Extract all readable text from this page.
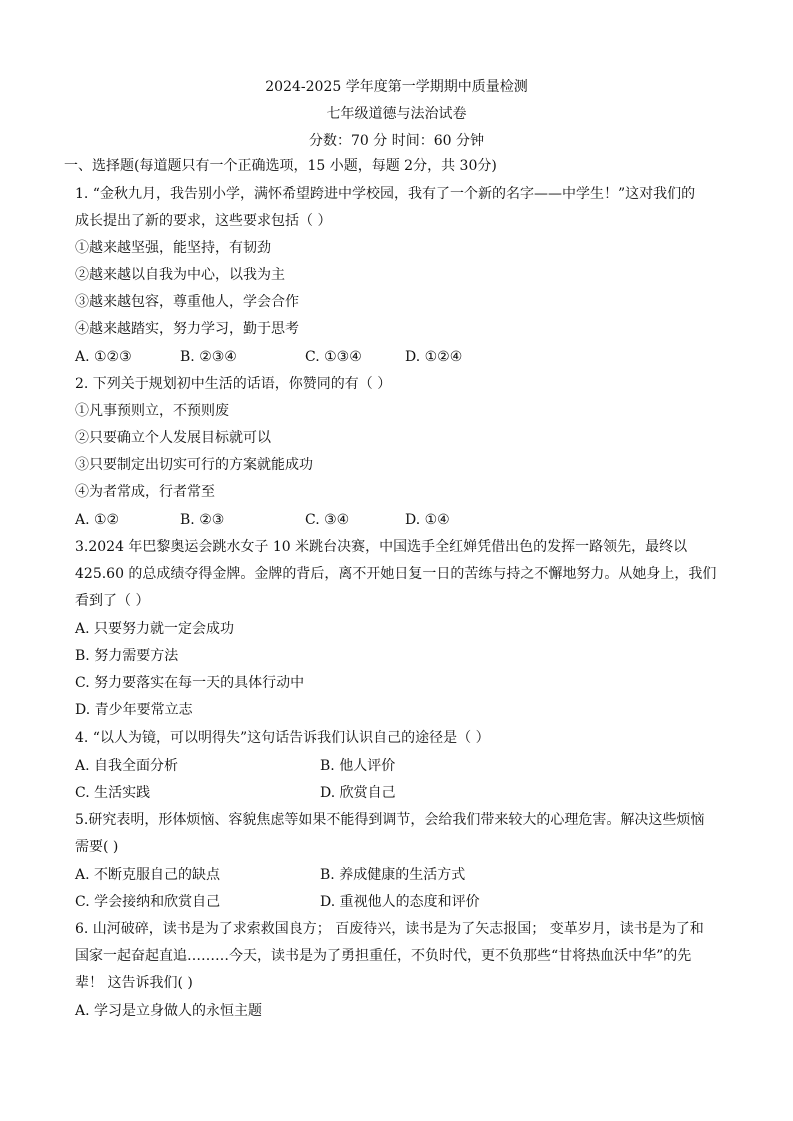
2024-2025 学年度第一学期期中质量检测
七年级道德与法治试卷
分数：70 分 时间：60 分钟
一、选择题(每道题只有一个正确选项，15 小题，每题 2分，共 30分)
1. “金秋九月，我告别小学，满怀希望跨进中学校园，我有了一个新的名字——中学生！”这对我们的
成长提出了新的要求，这些要求包括（ ）
①越来越坚强，能坚持，有韧劲
②越来越以自我为中心，以我为主
③越来越包容，尊重他人，学会合作
④越来越踏实，努力学习，勤于思考
A. ①②③	B. ②③④	C. ①③④	D. ①②④
2. 下列关于规划初中生活的话语，你赞同的有（ ）
①凡事预则立，不预则废
②只要确立个人发展目标就可以
③只要制定出切实可行的方案就能成功
④为者常成，行者常至
A. ①②	B. ②③	C. ③④	D. ①④
3.2024 年巴黎奥运会跳水女子 10 米跳台决赛，中国选手全红婵凭借出色的发挥一路领先，最终以
425.60 的总成绩夺得金牌。金牌的背后，离不开她日复一日的苦练与持之不懈地努力。从她身上，我们
看到了（ ）
A. 只要努力就一定会成功
B. 努力需要方法
C. 努力要落实在每一天的具体行动中
D. 青少年要常立志
4. “以人为镜，可以明得失”这句话告诉我们认识自己的途径是（ ）
A. 自我全面分析	B. 他人评价
C. 生活实践	D. 欣赏自己
5.研究表明，形体烦恼、容貌焦虑等如果不能得到调节，会给我们带来较大的心理危害。解决这些烦恼
需要( )
A. 不断克服自己的缺点	B. 养成健康的生活方式
C. 学会接纳和欣赏自己	D. 重视他人的态度和评价
6. 山河破碎，读书是为了求索救国良方； 百废待兴，读书是为了矢志报国； 变革岁月，读书是为了和
国家一起奋起直追………今天，读书是为了勇担重任，不负时代，更不负那些“甘将热血沃中华”的先
辈！ 这告诉我们( )
A. 学习是立身做人的永恒主题
